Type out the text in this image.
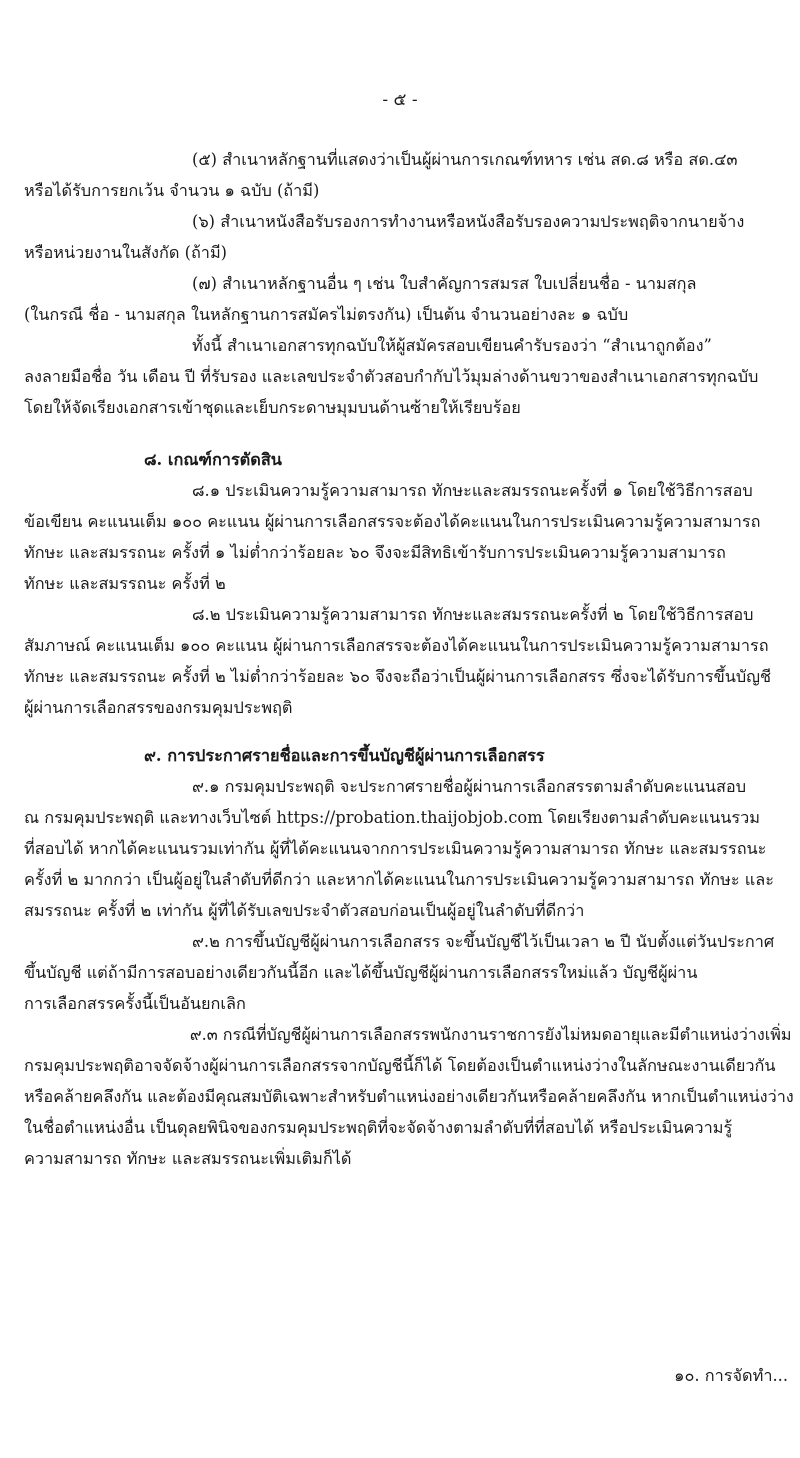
- ๕ -
(๕) สำเนาหลักฐานที่แสดงว่าเป็นผู้ผ่านการเกณฑ์ทหาร เช่น สด.๘ หรือ สด.๔๓
หรือได้รับการยกเว้น จำนวน ๑ ฉบับ (ถ้ามี)
(๖) สำเนาหนังสือรับรองการทำงานหรือหนังสือรับรองความประพฤติจากนายจ้าง
หรือหน่วยงานในสังกัด (ถ้ามี)
(๗) สำเนาหลักฐานอื่น ๆ เช่น ใบสำคัญการสมรส ใบเปลี่ยนชื่อ - นามสกุล
(ในกรณี ชื่อ - นามสกุล ในหลักฐานการสมัครไม่ตรงกัน) เป็นต้น จำนวนอย่างละ ๑ ฉบับ
ทั้งนี้ สำเนาเอกสารทุกฉบับให้ผู้สมัครสอบเขียนคำรับรองว่า “สำเนาถูกต้อง”
ลงลายมือชื่อ วัน เดือน ปี ที่รับรอง และเลขประจำตัวสอบกำกับไว้มุมล่างด้านขวาของสำเนาเอกสารทุกฉบับ
โดยให้จัดเรียงเอกสารเข้าชุดและเย็บกระดาษมุมบนด้านซ้ายให้เรียบร้อย
๘. เกณฑ์การตัดสิน
๘.๑ ประเมินความรู้ความสามารถ ทักษะและสมรรถนะครั้งที่ ๑ โดยใช้วิธีการสอบ
ข้อเขียน คะแนนเต็ม ๑๐๐ คะแนน ผู้ผ่านการเลือกสรรจะต้องได้คะแนนในการประเมินความรู้ความสามารถ
ทักษะ และสมรรถนะ ครั้งที่ ๑ ไม่ต่ำกว่าร้อยละ ๖๐ จึงจะมีสิทธิเข้ารับการประเมินความรู้ความสามารถ
ทักษะ และสมรรถนะ ครั้งที่ ๒
๘.๒ ประเมินความรู้ความสามารถ ทักษะและสมรรถนะครั้งที่ ๒ โดยใช้วิธีการสอบ
สัมภาษณ์ คะแนนเต็ม ๑๐๐ คะแนน ผู้ผ่านการเลือกสรรจะต้องได้คะแนนในการประเมินความรู้ความสามารถ
ทักษะ และสมรรถนะ ครั้งที่ ๒ ไม่ต่ำกว่าร้อยละ ๖๐ จึงจะถือว่าเป็นผู้ผ่านการเลือกสรร ซึ่งจะได้รับการขึ้นบัญชี
ผู้ผ่านการเลือกสรรของกรมคุมประพฤติ
๙. การประกาศรายชื่อและการขึ้นบัญชีผู้ผ่านการเลือกสรร
๙.๑ กรมคุมประพฤติ จะประกาศรายชื่อผู้ผ่านการเลือกสรรตามลำดับคะแนนสอบ
ณ กรมคุมประพฤติ และทางเว็บไซต์ https://probation.thaijobjob.com โดยเรียงตามลำดับคะแนนรวม
ที่สอบได้ หากได้คะแนนรวมเท่ากัน ผู้ที่ได้คะแนนจากการประเมินความรู้ความสามารถ ทักษะ และสมรรถนะ
ครั้งที่ ๒ มากกว่า เป็นผู้อยู่ในลำดับที่ดีกว่า และหากได้คะแนนในการประเมินความรู้ความสามารถ ทักษะ และ
สมรรถนะ ครั้งที่ ๒ เท่ากัน ผู้ที่ได้รับเลขประจำตัวสอบก่อนเป็นผู้อยู่ในลำดับที่ดีกว่า
๙.๒ การขึ้นบัญชีผู้ผ่านการเลือกสรร จะขึ้นบัญชีไว้เป็นเวลา ๒ ปี นับตั้งแต่วันประกาศ
ขึ้นบัญชี แต่ถ้ามีการสอบอย่างเดียวกันนี้อีก และได้ขึ้นบัญชีผู้ผ่านการเลือกสรรใหม่แล้ว บัญชีผู้ผ่าน
การเลือกสรรครั้งนี้เป็นอันยกเลิก
๙.๓ กรณีที่บัญชีผู้ผ่านการเลือกสรรพนักงานราชการยังไม่หมดอายุและมีตำแหน่งว่างเพิ่ม
กรมคุมประพฤติอาจจัดจ้างผู้ผ่านการเลือกสรรจากบัญชีนี้ก็ได้ โดยต้องเป็นตำแหน่งว่างในลักษณะงานเดียวกัน
หรือคล้ายคลึงกัน และต้องมีคุณสมบัติเฉพาะสำหรับตำแหน่งอย่างเดียวกันหรือคล้ายคลึงกัน หากเป็นตำแหน่งว่าง
ในชื่อตำแหน่งอื่น เป็นดุลยพินิจของกรมคุมประพฤติที่จะจัดจ้างตามลำดับที่ที่สอบได้ หรือประเมินความรู้
ความสามารถ ทักษะ และสมรรถนะเพิ่มเติมก็ได้
๑๐. การจัดทำ...
